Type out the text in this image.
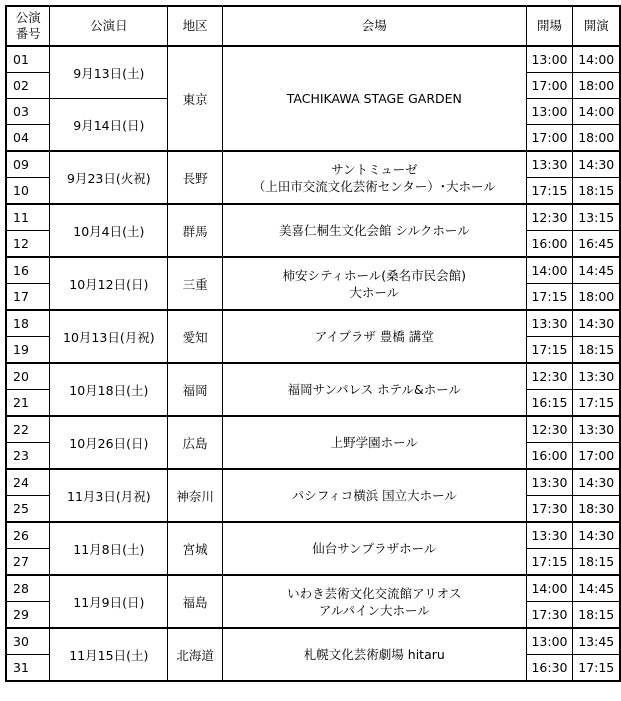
公演
番号	公演日	地区	会場	開場	開演
01	9月13日(土)	東京	TACHIKAWA STAGE GARDEN	13:00	14:00
02				17:00	18:00
03	9月14日(日)			13:00	14:00
04				17:00	18:00
09	9月23日(火祝)	長野	サントミューゼ
（上田市交流文化芸術センター）･大ホール	13:30	14:30
10				17:15	18:15
11	10月4日(土)	群馬	美喜仁桐生文化会館 シルクホール	12:30	13:15
12				16:00	16:45
16	10月12日(日)	三重	柿安シティホール(桑名市民会館)
大ホール	14:00	14:45
17				17:15	18:00
18	10月13日(月祝)	愛知	アイプラザ 豊橋 講堂	13:30	14:30
19				17:15	18:15
20	10月18日(土)	福岡	福岡サンパレス ホテル&ホール	12:30	13:30
21				16:15	17:15
22	10月26日(日)	広島	上野学園ホール	12:30	13:30
23				16:00	17:00
24	11月3日(月祝)	神奈川	パシフィコ横浜 国立大ホール	13:30	14:30
25				17:30	18:30
26	11月8日(土)	宮城	仙台サンプラザホール	13:30	14:30
27				17:15	18:15
28	11月9日(日)	福島	いわき芸術文化交流館アリオス
アルパイン大ホール	14:00	14:45
29				17:30	18:15
30	11月15日(土)	北海道	札幌文化芸術劇場 hitaru	13:00	13:45
31				16:30	17:15
